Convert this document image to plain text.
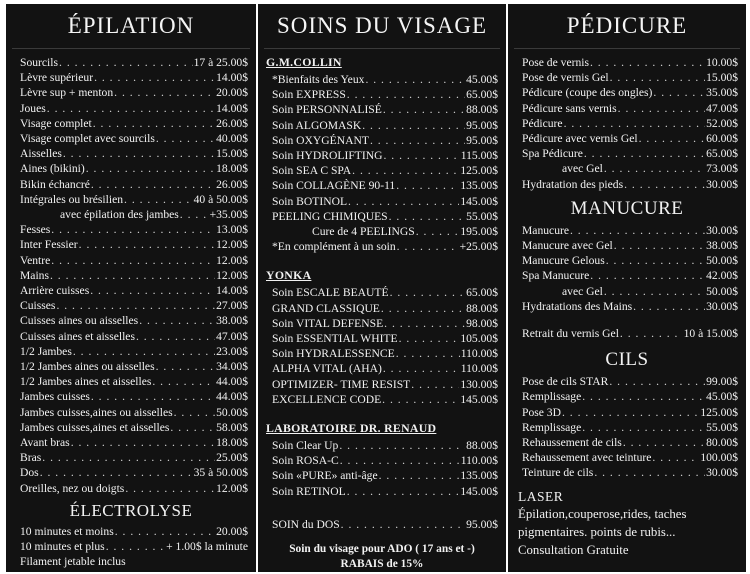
ÉPILATION
Sourcils . . .	17 à 25.00$
Lèvre supérieur . . .	14.00$
Lèvre sup + menton . . .	20.00$
Joues . . .	14.00$
Visage complet . . .	26.00$
Visage complet avec sourcils . . .	40.00$
Aisselles . . .	15.00$
Aines (bikini) . . .	18.00$
Bikin échancré . . .	26.00$
Intégrales ou brésilien . . .	40 à 50.00$
avec épilation des jambes . . .	+35.00$
Fesses . . .	13.00$
Inter Fessier . . .	12.00$
Ventre . . .	12.00$
Mains . . .	12.00$
Arrière cuisses . . .	14.00$
Cuisses . . .	27.00$
Cuisses aines ou aisselles . . .	38.00$
Cuisses aines et aisselles . . .	47.00$
1/2 Jambes . . .	23.00$
1/2 Jambes aines ou aisselles . . .	34.00$
1/2 Jambes aines et aisselles . . .	44.00$
Jambes cuisses . . .	44.00$
Jambes cuisses,aines ou aisselles . . .	50.00$
Jambes cuisses,aines et aisselles . . .	58.00$
Avant bras . . .	18.00$
Bras . . .	25.00$
Dos . . .	35 à 50.00$
Oreilles, nez ou doigts . . .	12.00$
ÉLECTROLYSE
10 minutes et moins . . .	20.00$
10 minutes et plus . . .	+ 1.00$ la minute
Filament jetable inclus
SOINS DU VISAGE
G.M.COLLIN
*Bienfaits des Yeux . . .	45.00$
Soin EXPRESS . . .	65.00$
Soin PERSONNALISÉ . . .	88.00$
Soin ALGOMASK . . .	95.00$
Soin OXYGÉNANT . . .	95.00$
Soin HYDROLIFTING . . .	115.00$
Soin SEA C SPA . . .	125.00$
Soin COLLAGÈNE 90-11 . . .	135.00$
Soin BOTINOL . . .	145.00$
PEELING CHIMIQUES . . .	55.00$
Cure de 4 PEELINGS . . .	195.00$
*En complément à un soin . . .	+25.00$
YONKA
Soin ESCALE BEAUTÉ . . .	65.00$
GRAND CLASSIQUE . . .	88.00$
Soin VITAL DEFENSE . . .	98.00$
Soin ESSENTIAL WHITE . . .	105.00$
Soin HYDRALESSENCE . . .	110.00$
ALPHA VITAL (AHA) . . .	110.00$
OPTIMIZER- TIME RESIST . . .	130.00$
EXCELLENCE CODE . . .	145.00$
LABORATOIRE DR. RENAUD
Soin Clear Up . . .	88.00$
Soin ROSA-C . . .	110.00$
Soin «PURE» anti-âge . . .	135.00$
Soin RETINOL . . .	145.00$
SOIN du DOS . . .	95.00$
Soin du visage pour ADO ( 17 ans et -)
RABAIS de 15%
PÉDICURE
Pose de vernis . . .	10.00$
Pose de vernis Gel . . .	15.00$
Pédicure (coupe des ongles) . . .	35.00$
Pédicure sans vernis . . .	47.00$
Pédicure . . .	52.00$
Pédicure avec vernis Gel . . .	60.00$
Spa Pédicure . . .	65.00$
avec Gel . . .	73.00$
Hydratation des pieds . . .	30.00$
MANUCURE
Manucure . . .	30.00$
Manucure avec Gel . . .	38.00$
Manucure Gelous . . .	50.00$
Spa Manucure . . .	42.00$
avec Gel . . .	50.00$
Hydratations des Mains . . .	30.00$
Retrait du vernis Gel . . .	10 à 15.00$
CILS
Pose de cils STAR . . .	99.00$
Remplissage . . .	45.00$
Pose 3D . . .	125.00$
Remplissage . . .	55.00$
Rehaussement de cils . . .	80.00$
Rehaussement avec teinture . . .	100.00$
Teinture de cils . . .	30.00$
LASER
Épilation,couperose,rides, taches
pigmentaires. points de rubis...
Consultation Gratuite
